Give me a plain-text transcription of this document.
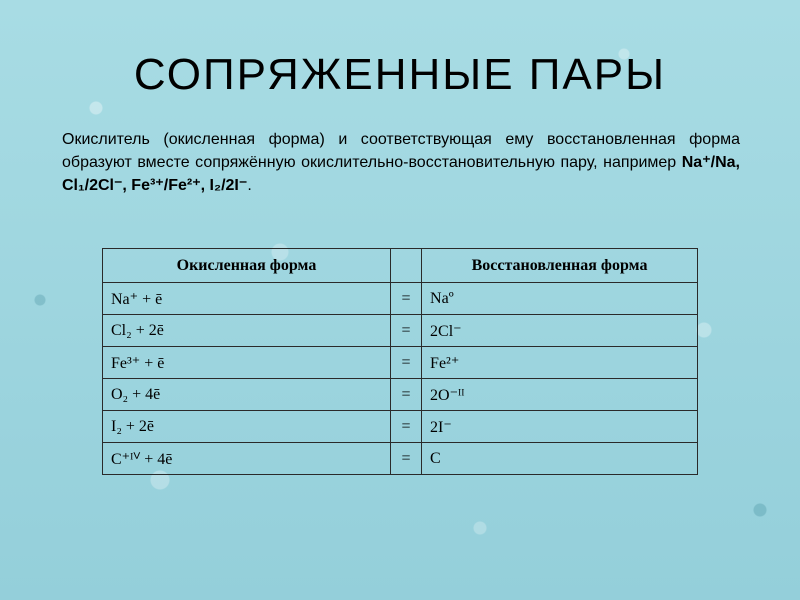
СОПРЯЖЕННЫЕ ПАРЫ
Окислитель (окисленная форма) и соответствующая ему восстановленная форма образуют вместе сопряжённую окислительно-восстановительную пару, например Na⁺/Na, Cl₁/2Cl⁻, Fe³⁺/Fe²⁺, I₂/2I⁻.
Окисленная форма		Восстановленная форма
Na⁺ + ē	=	Naº
Cl₂ + 2ē	=	2Cl⁻
Fe³⁺ + ē	=	Fe²⁺
O₂ + 4ē	=	2O⁻ᴵᴵ
I₂ + 2ē	=	2I⁻
C⁺ᴵⱽ + 4ē	=	C
